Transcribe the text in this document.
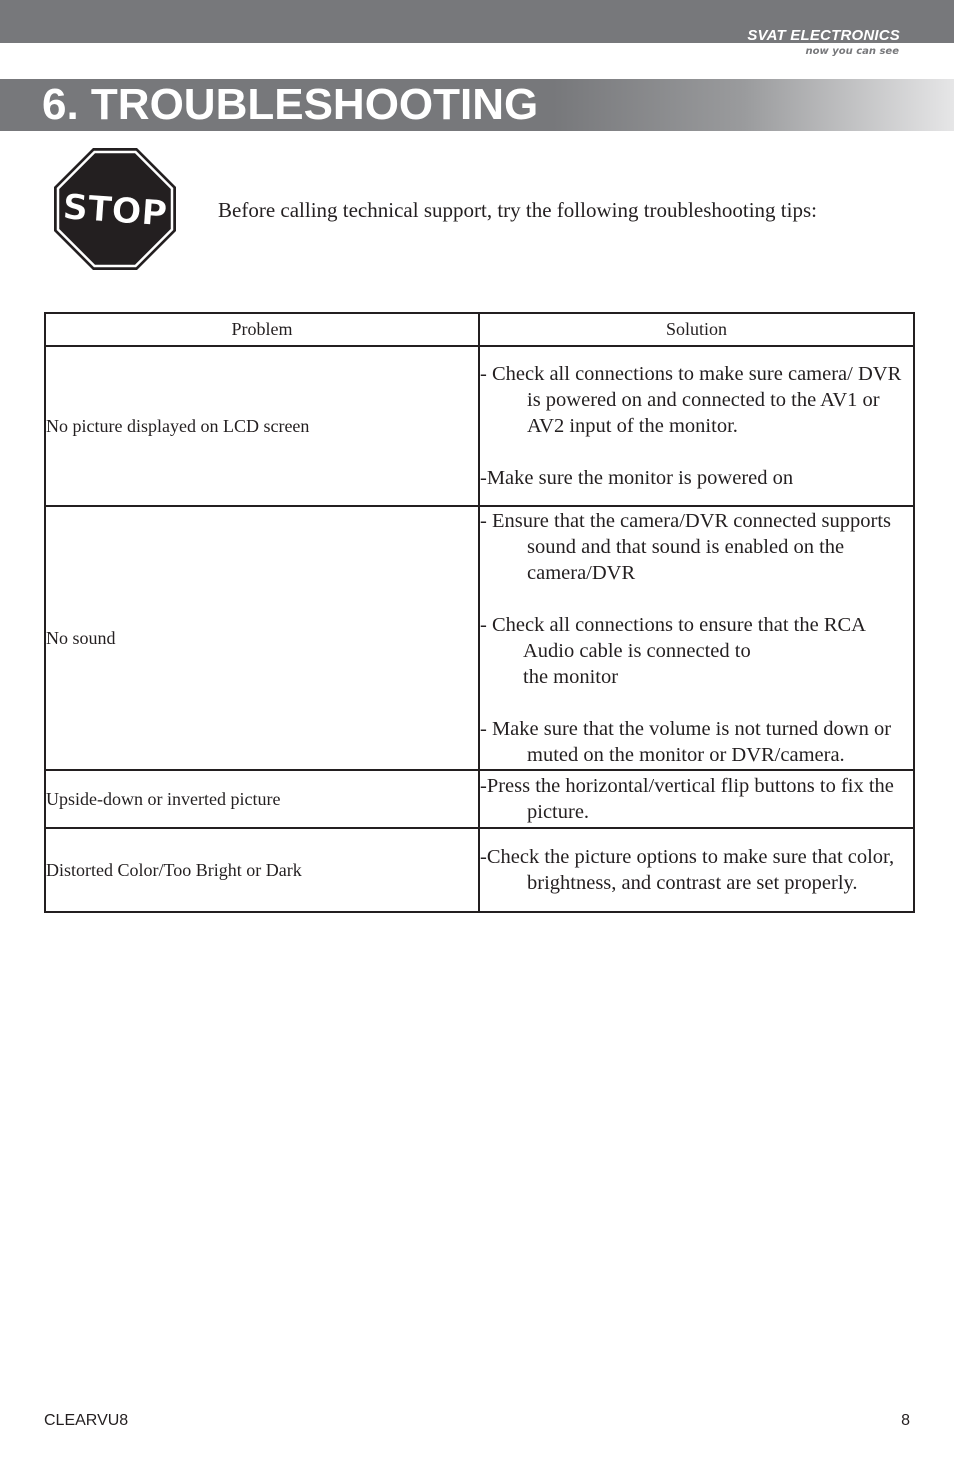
SVAT ELECTRONICS
now you can see
6. TROUBLESHOOTING
STOP Before calling technical support, try the following troubleshooting tips:
Problem	Solution
No picture displayed on LCD screen	- Check all connections to make sure camera/ DVR is powered on and connected to the AV1 or AV2 input of the monitor.
-Make sure the monitor is powered on

No sound	- Ensure that the camera/DVR connected supports sound and that sound is enabled on the camera/DVR
- Check all connections to ensure that the RCA Audio cable is connected to
the monitor
- Make sure that the volume is not turned down or muted on the monitor or DVR/camera.

Upside-down or inverted picture	-Press the horizontal/vertical flip buttons to fix the picture.

Distorted Color/Too Bright or Dark	-Check the picture options to make sure that color, brightness, and contrast are set properly.
CLEARVU8	8
